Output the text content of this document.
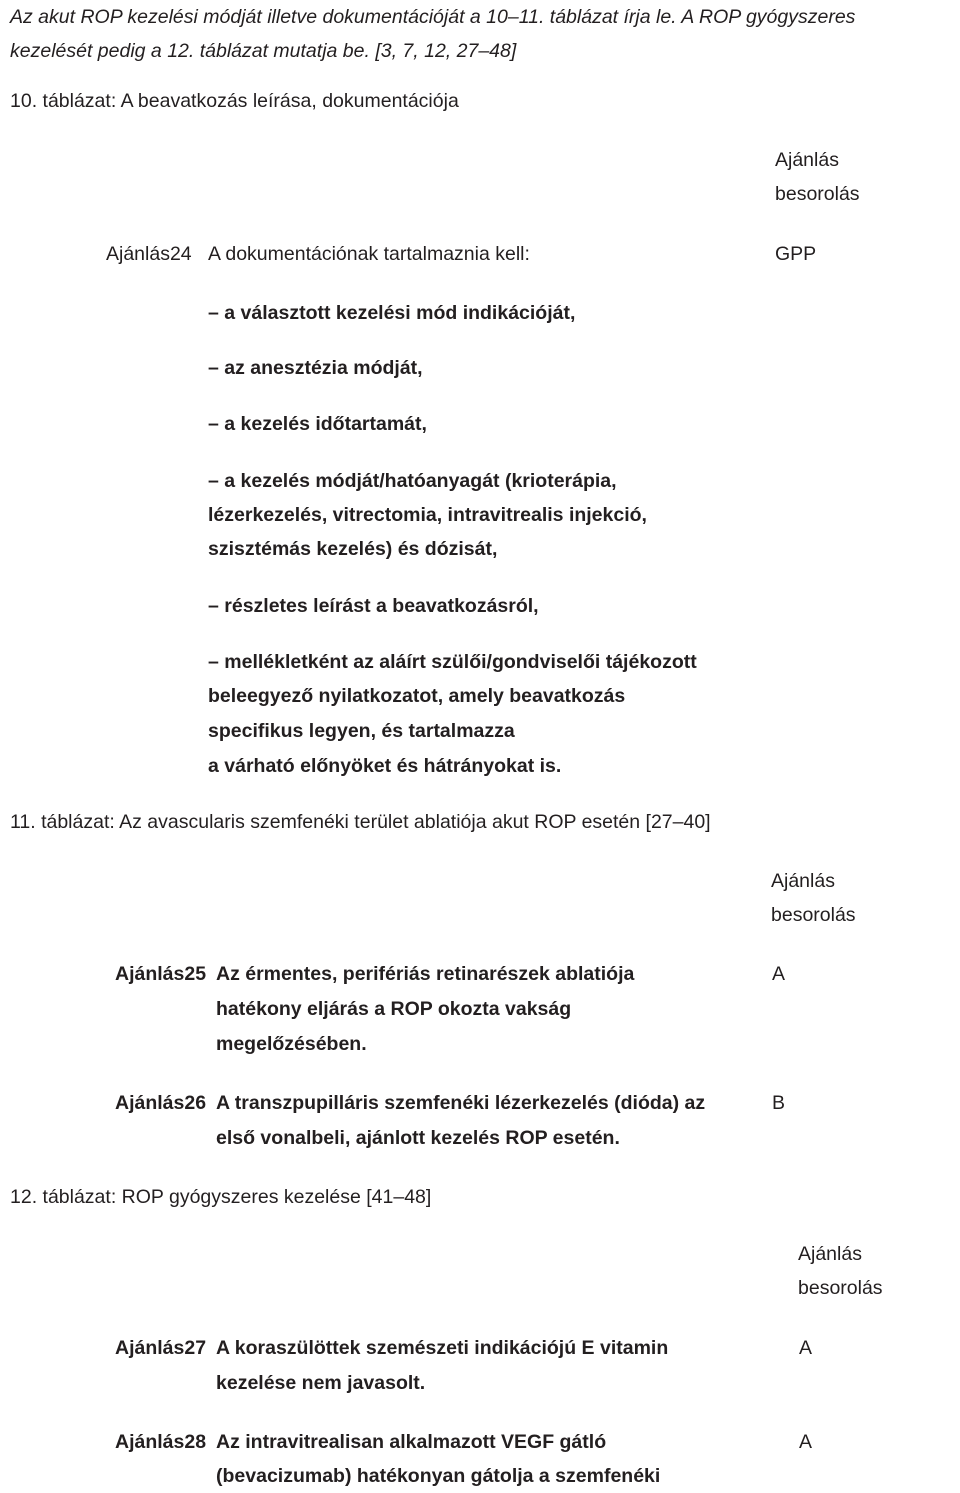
Az akut ROP kezelési módját illetve dokumentációját a 10–11. táblázat írja le. A ROP gyógyszeres
kezelését pedig a 12. táblázat mutatja be. [3, 7, 12, 27–48]
10. táblázat: A beavatkozás leírása, dokumentációja
Ajánlás
besorolás
Ajánlás24 A dokumentációnak tartalmaznia kell:	GPP
– a választott kezelési mód indikációját,
– az anesztézia módját,
– a kezelés időtartamát,
– a kezelés módját/hatóanyagát (krioterápia,
lézerkezelés, vitrectomia, intravitrealis injekció,
szisztémás kezelés) és dózisát,
– részletes leírást a beavatkozásról,
– mellékletként az aláírt szülői/gondviselői tájékozott
beleegyező nyilatkozatot, amely beavatkozás
specifikus legyen, és tartalmazza
a várható előnyöket és hátrányokat is.
11. táblázat: Az avascularis szemfenéki terület ablatiója akut ROP esetén [27–40]
Ajánlás
besorolás
Ajánlás25 Az érmentes, perifériás retinarészek ablatiója
hatékony eljárás a ROP okozta vakság
megelőzésében.
A
Ajánlás26 A transzpupilláris szemfenéki lézerkezelés (dióda) az
első vonalbeli, ajánlott kezelés ROP esetén.
B
12. táblázat: ROP gyógyszeres kezelése [41–48]
Ajánlás
besorolás
Ajánlás27 A koraszülöttek szemészeti indikációjú E vitamin
kezelése nem javasolt.
A
Ajánlás28 Az intravitrealisan alkalmazott VEGF gátló
(bevacizumab) hatékonyan gátolja a szemfenéki
A
